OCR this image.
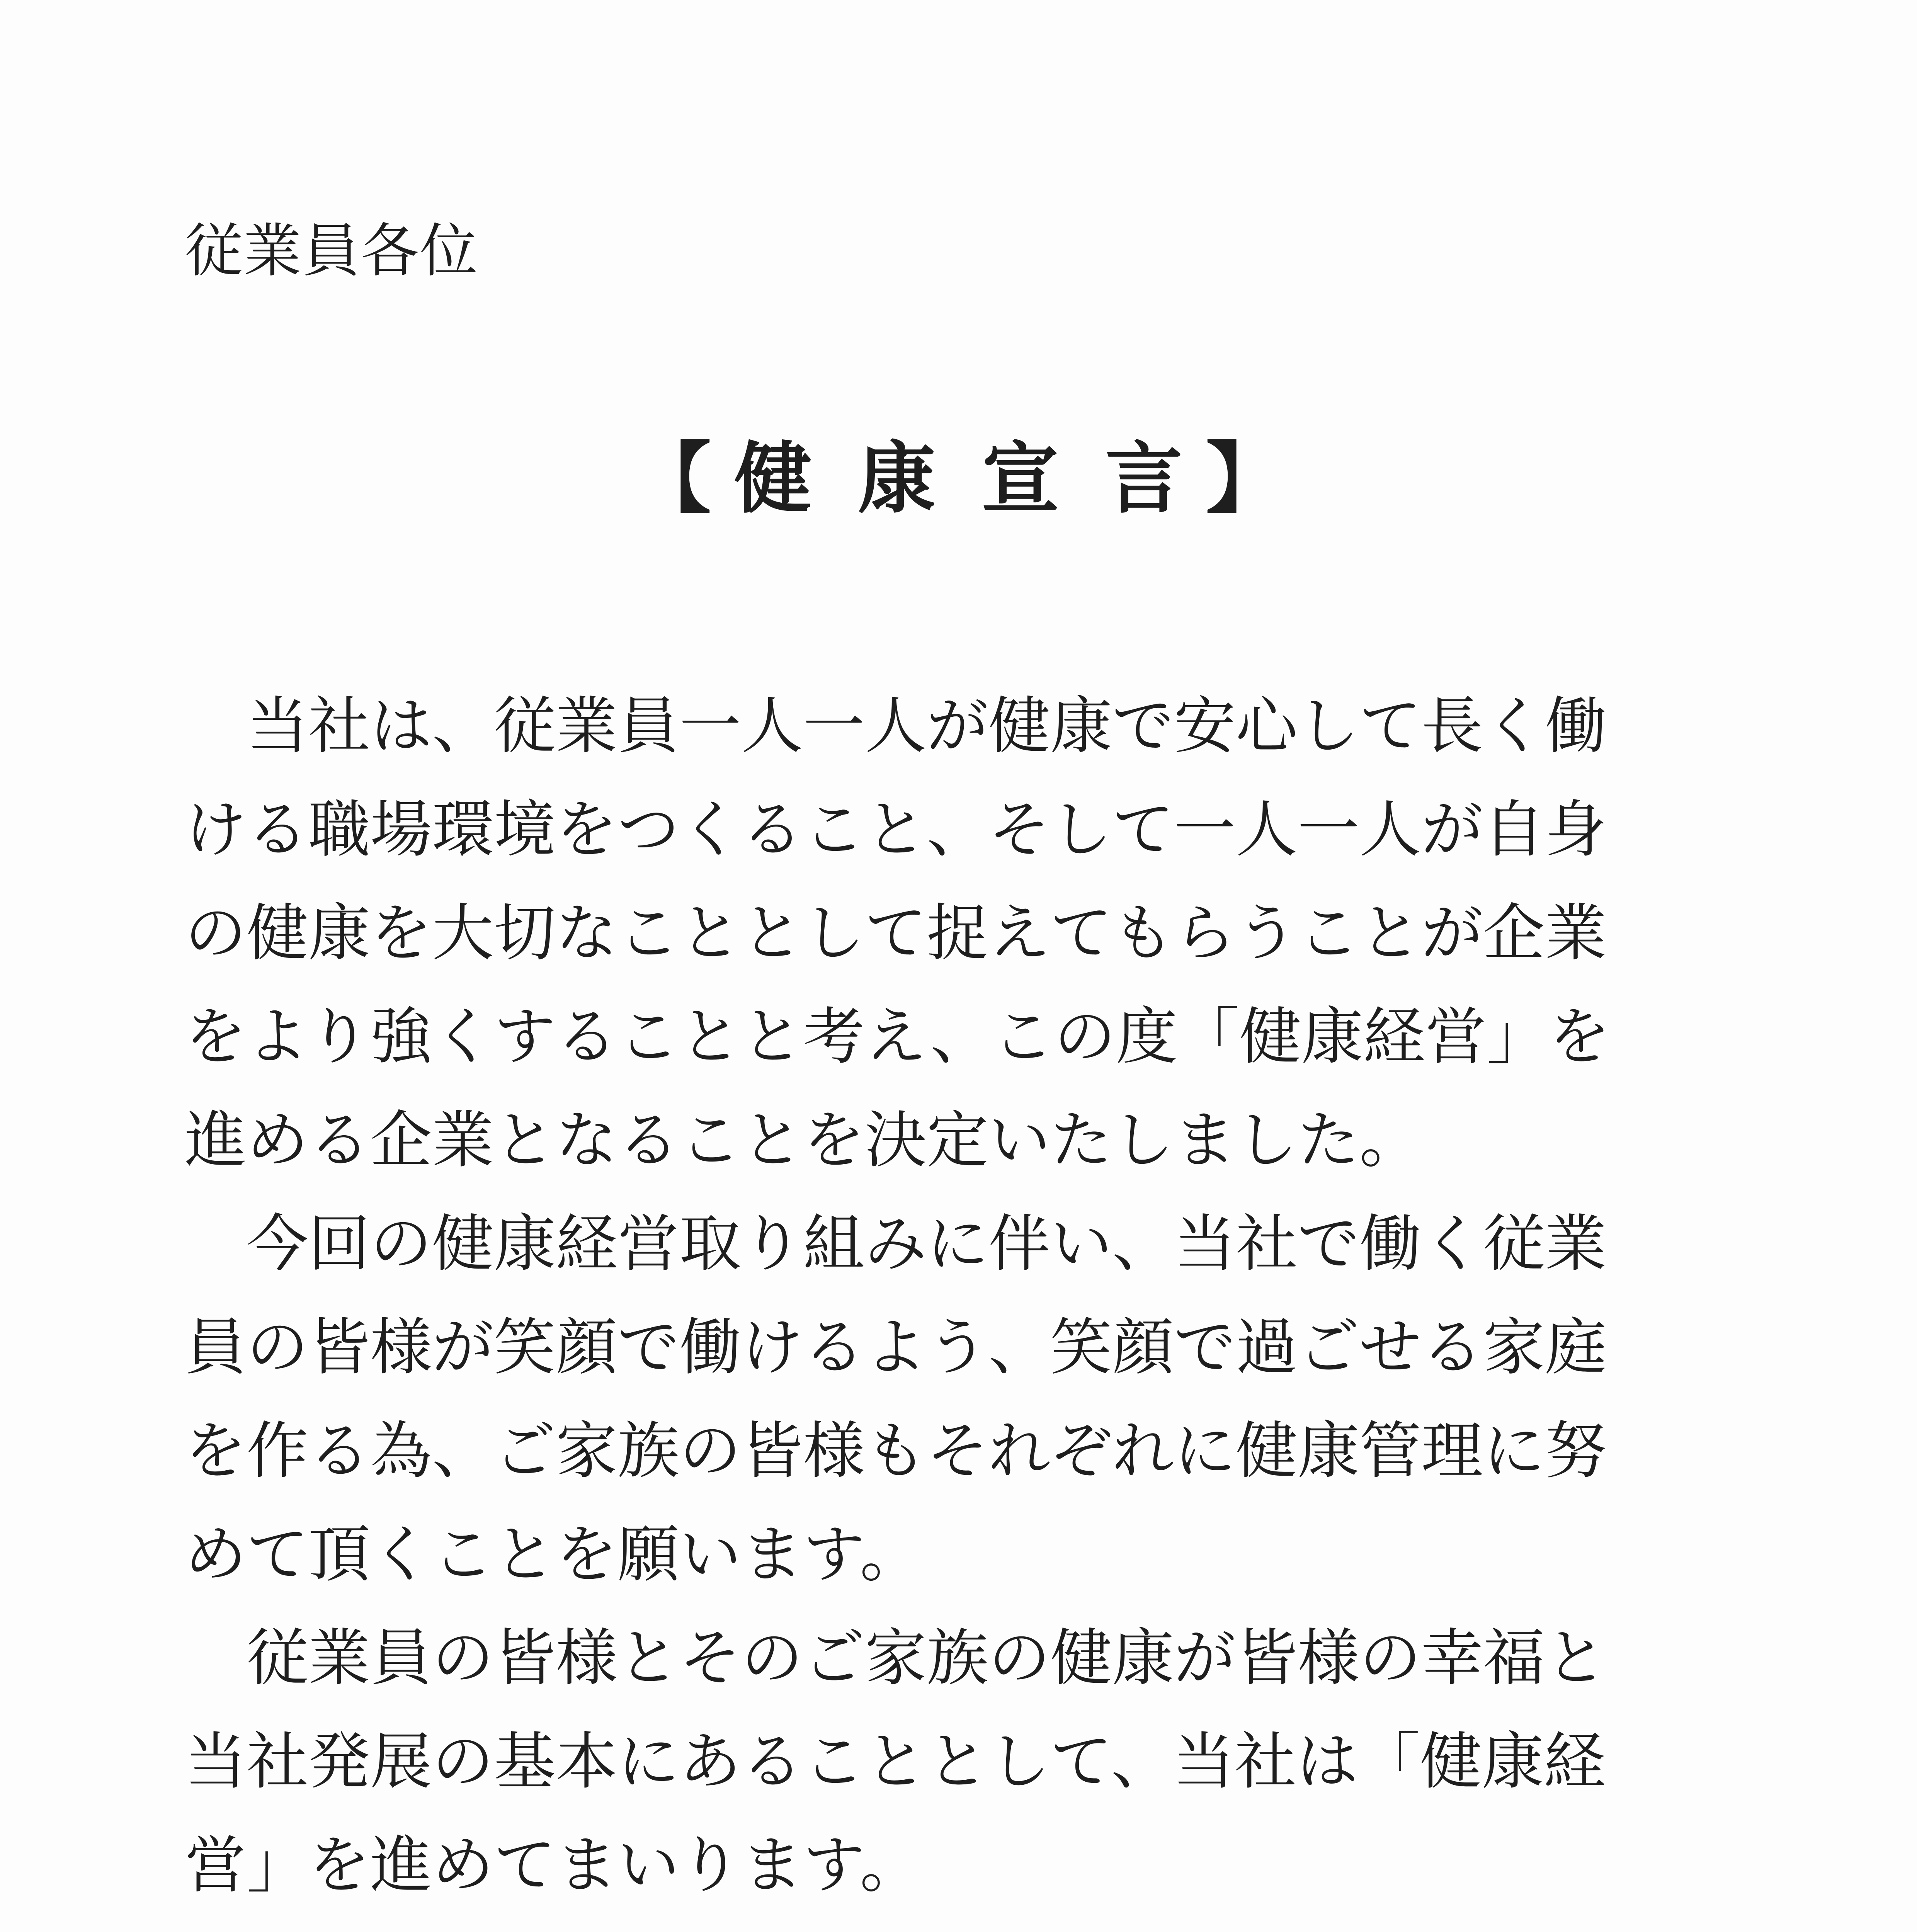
従業員各位
【 健康宣言】
当社は、従業員一人一人が健康で安心して長く働
ける職場環境をつくること、そして一人一人が自身
の健康を大切なこととして捉えてもらうことが企業
をより強くすることと考え、この度「健康経営」を
進める企業となることを決定いたしました。
今回の健康経営取り組みに伴い、当社で働く従業
員の皆様が笑顔で働けるよう、笑顔で過ごせる家庭
を作る為、ご家族の皆様もそれぞれに健康管理に努
めて頂くことを願います。
従業員の皆様とそのご家族の健康が皆様の幸福と
当社発展の基本にあることとして、当社は「健康経
営」を進めてまいります。
